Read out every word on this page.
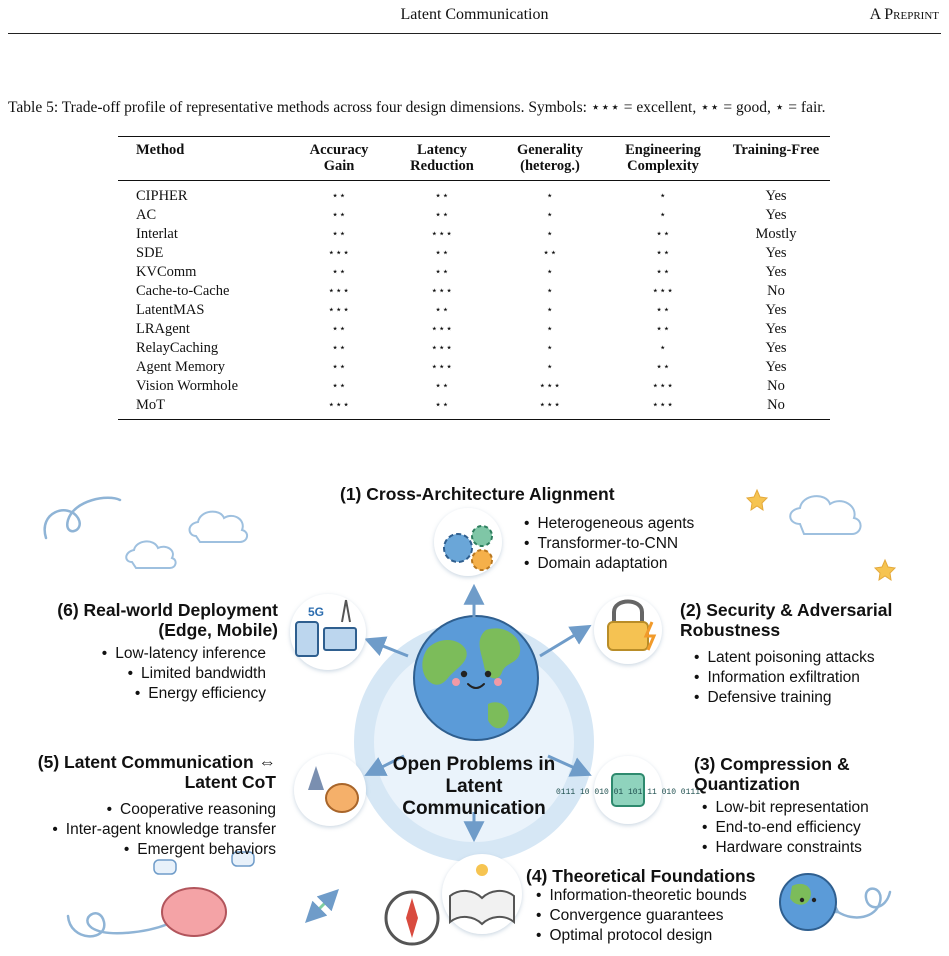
Latent Communication	A Preprint
Table 5: Trade-off profile of representative methods across four design dimensions. Symbols: ⋆⋆⋆ = excellent, ⋆⋆ = good, ⋆ = fair.
Method	Accuracy Gain	Latency Reduction	Generality (heterog.)	Engineering Complexity	Training-Free
CIPHER	⋆⋆	⋆⋆	⋆	⋆	Yes
AC	⋆⋆	⋆⋆	⋆	⋆	Yes
Interlat	⋆⋆	⋆⋆⋆	⋆	⋆⋆	Mostly
SDE	⋆⋆⋆	⋆⋆	⋆⋆	⋆⋆	Yes
KVComm	⋆⋆	⋆⋆	⋆	⋆⋆	Yes
Cache-to-Cache	⋆⋆⋆	⋆⋆⋆	⋆	⋆⋆⋆	No
LatentMAS	⋆⋆⋆	⋆⋆	⋆	⋆⋆	Yes
LRAgent	⋆⋆	⋆⋆⋆	⋆	⋆⋆	Yes
RelayCaching	⋆⋆	⋆⋆⋆	⋆	⋆	Yes
Agent Memory	⋆⋆	⋆⋆⋆	⋆	⋆⋆	Yes
Vision Wormhole	⋆⋆	⋆⋆	⋆⋆⋆	⋆⋆⋆	No
MoT	⋆⋆⋆	⋆⋆	⋆⋆⋆	⋆⋆⋆	No
0111 10 010 01 101 11 010 0111
5G
(1) Cross-Architecture Alignment
• Heterogeneous agents
• Transformer-to-CNN
• Domain adaptation
(2) Security & Adversarial Robustness
• Latent poisoning attacks
• Information exfiltration
• Defensive training
(3) Compression & Quantization
• Low-bit representation
• End-to-end efficiency
• Hardware constraints
(4) Theoretical Foundations
• Information-theoretic bounds
• Convergence guarantees
• Optimal protocol design
(5) Latent Communication ⇔ Latent CoT
• Cooperative reasoning
• Inter-agent knowledge transfer
• Emergent behaviors
(6) Real-world Deployment (Edge, Mobile)
• Low-latency inference
• Limited bandwidth
• Energy efficiency
Open Problems in Latent Communication
